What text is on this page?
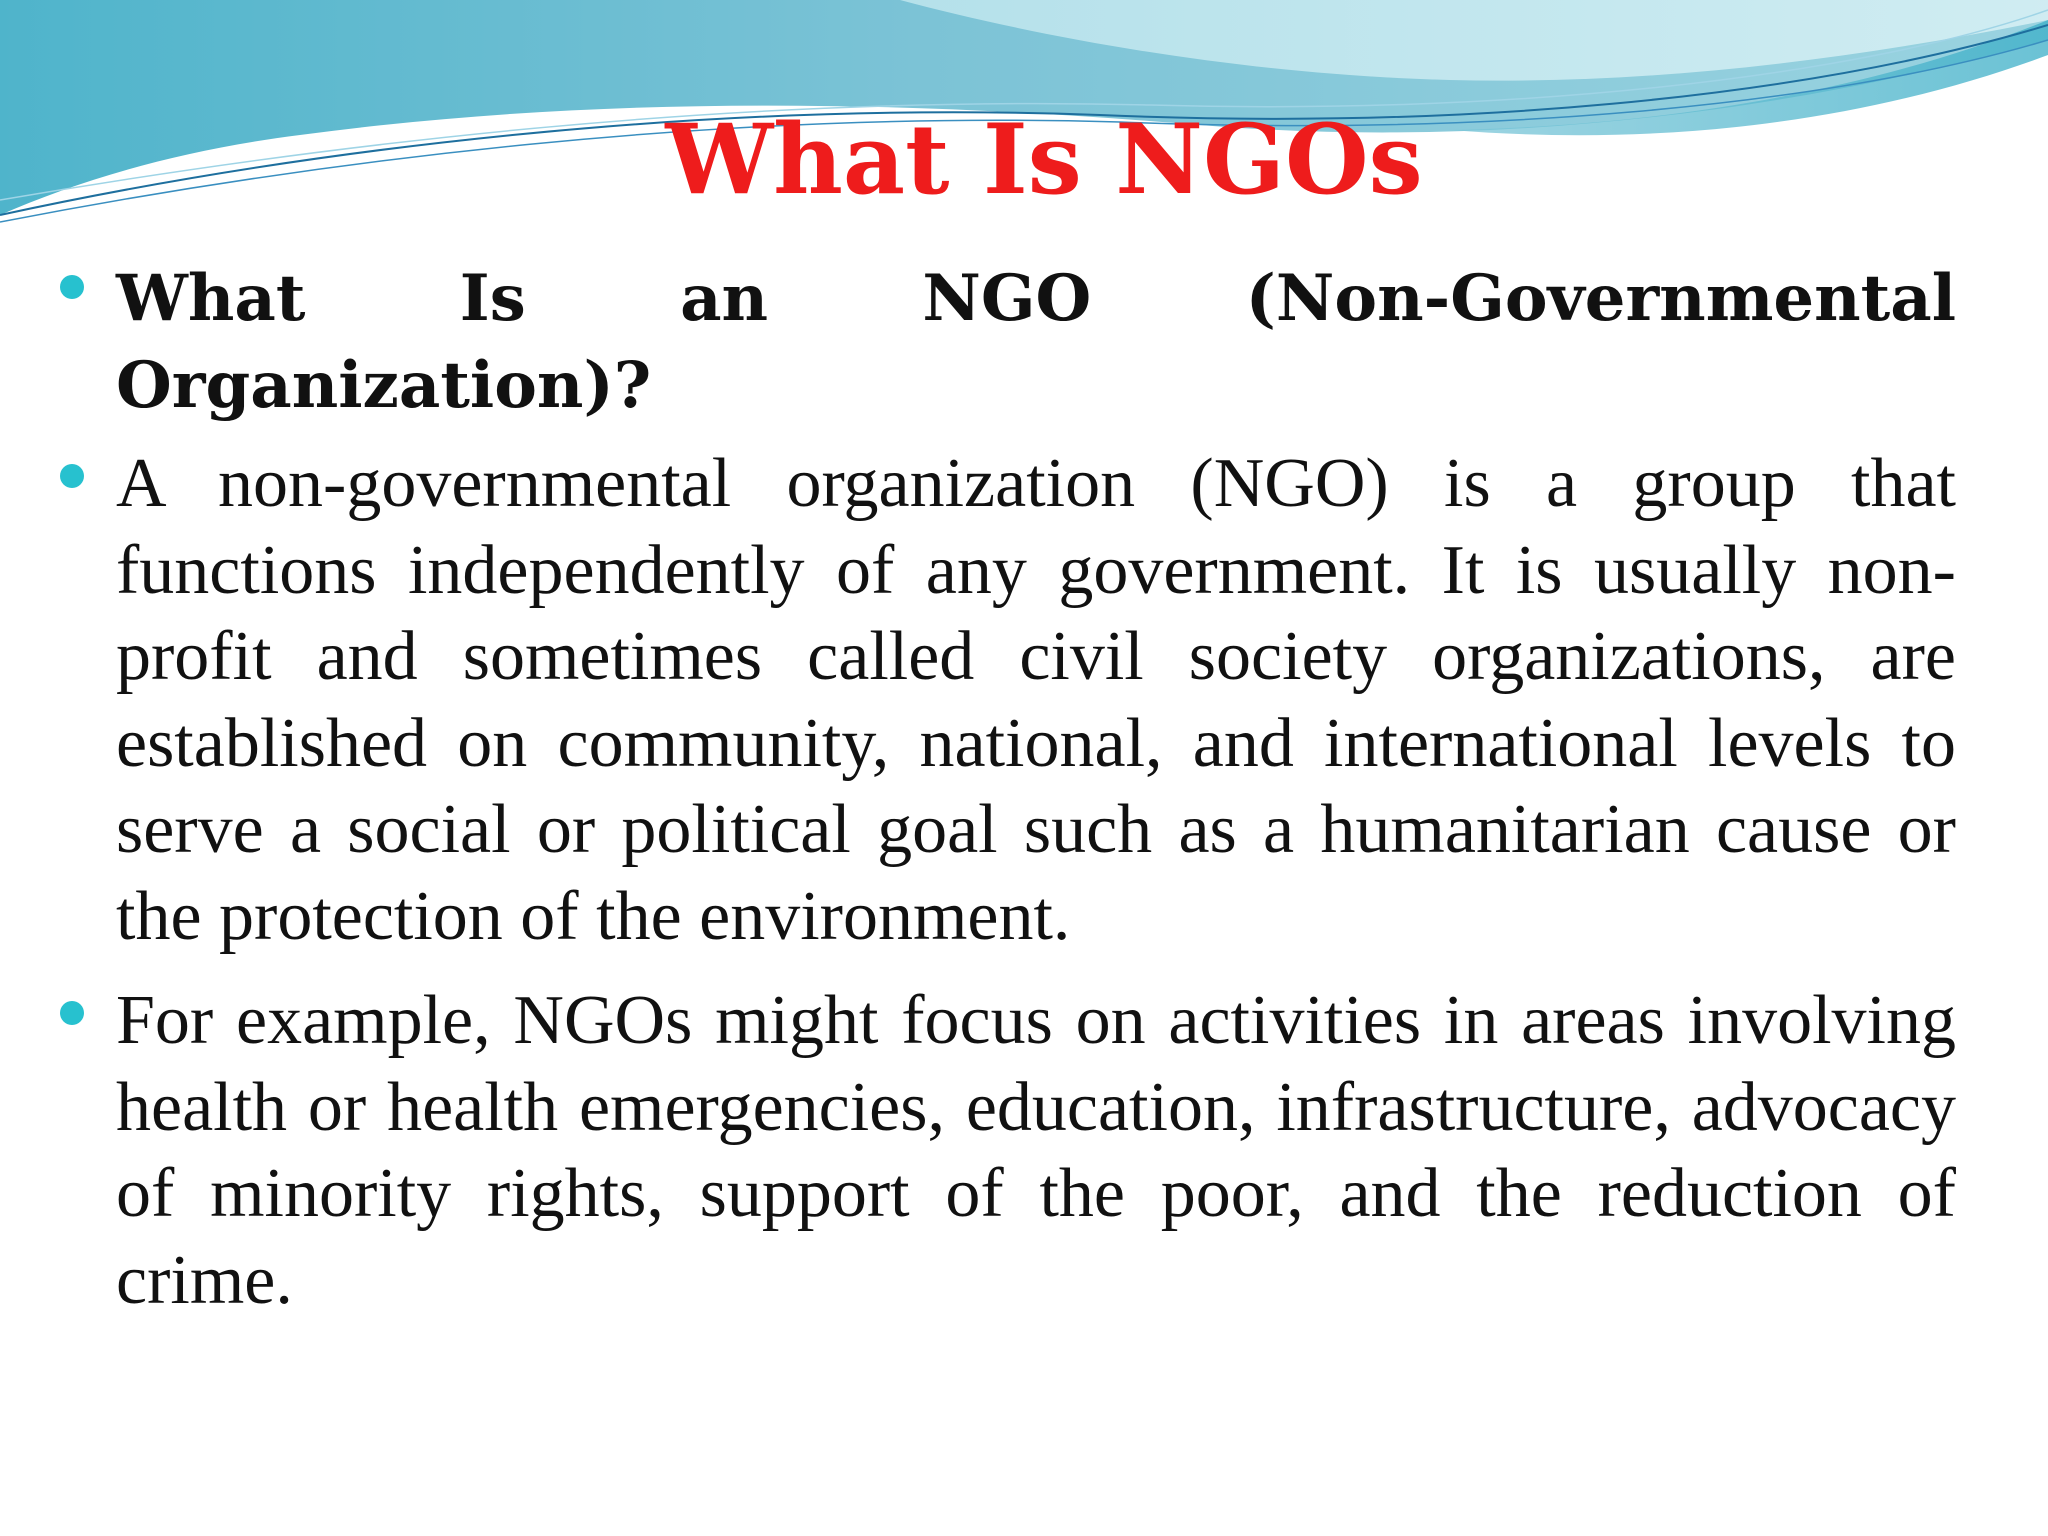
What Is NGOs
What Is an NGO (Non-Governmental Organization)?
A non-governmental organization (NGO) is a group that functions independently of any government. It is usually non-profit and sometimes called civil society organizations, are established on community, national, and international levels to serve a social or political goal such as a humanitarian cause or the protection of the environment.
For example, NGOs might focus on activities in areas involving health or health emergencies, education, infrastructure, advocacy of minority rights, support of the poor, and the reduction of crime.
